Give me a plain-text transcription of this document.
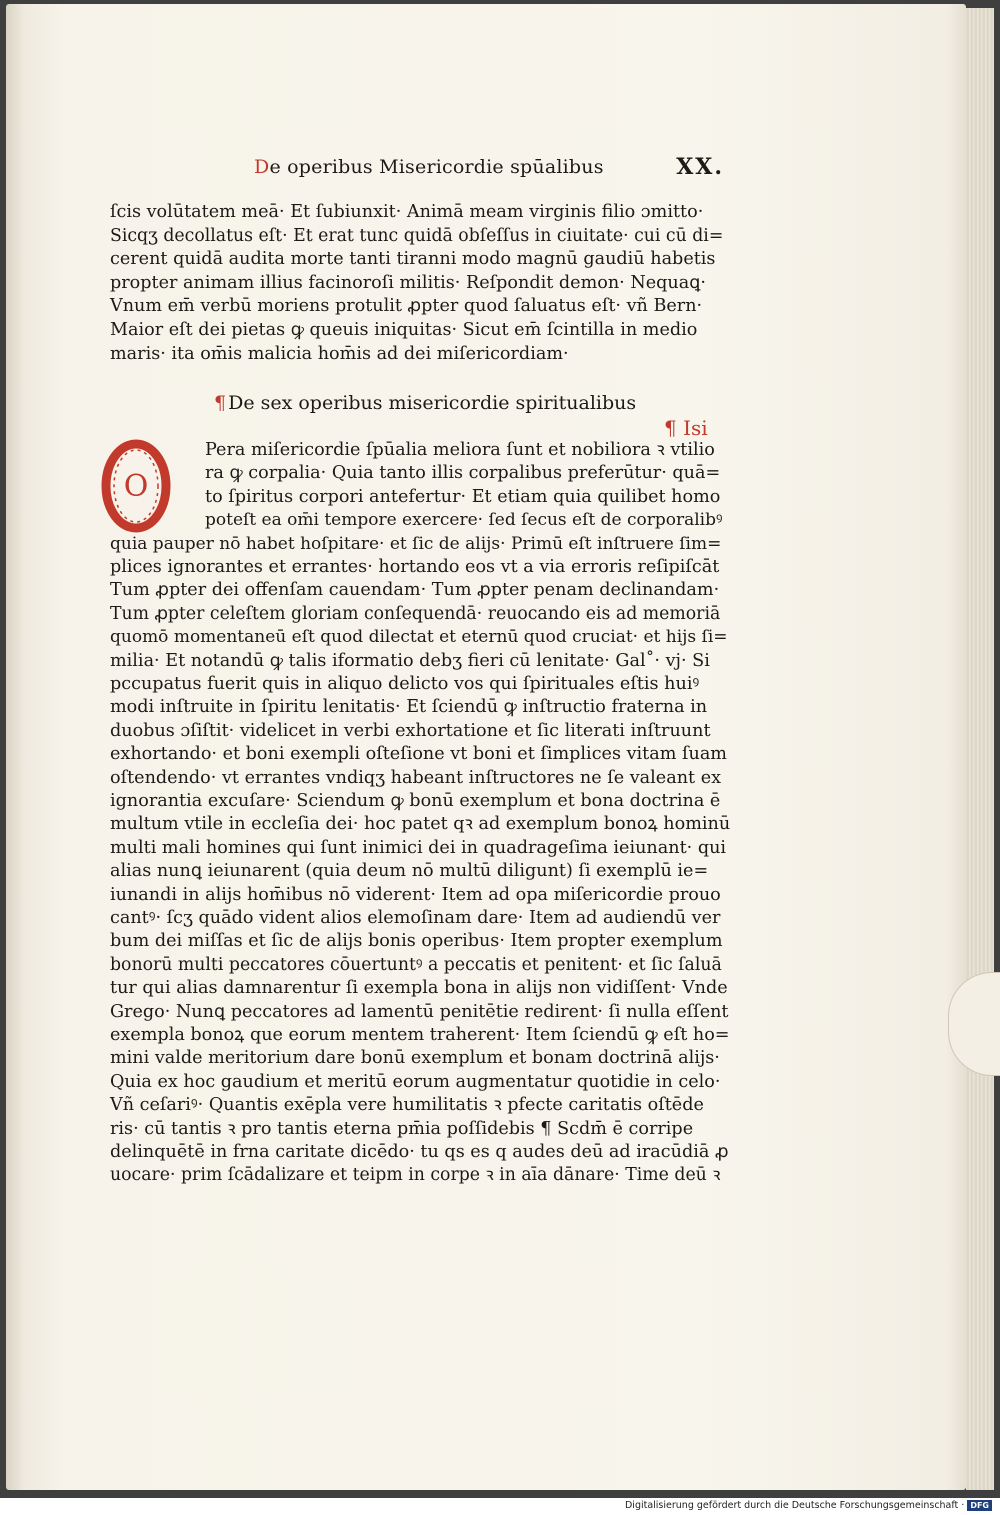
De operibus Misericordie spūalibus	XX.
ſcis volūtatem meā· Et ſubiunxit· Animā meam virginis filio ɔmitto·
Sicqʒ decollatus eſt· Et erat tunc quidā obſeſſus in ciuitate· cui cū di=
cerent quidā audita morte tanti tiranni modo magnū gaudiū habetis
propter animam illius facinoroſi militis· Reſpondit demon· Nequaꝗ·
Vnum em̄ verbū moriens protulit ꝓpter quod ſaluatus eſt· vñ Bern·
Maior eſt dei pietas ꝙ queuis iniquitas· Sicut em̄ ſcintilla in medio
maris· ita om̄is malicia hom̄is ad dei miſericordiam·
¶ De sex operibus misericordie spiritualibus
¶ Isi
O
Pera miſericordie ſpūalia meliora ſunt et nobiliora ꝛ vtilio
ra ꝙ corpalia· Quia tanto illis corpalibus preferūtur· quā=
to ſpiritus corpori antefertur· Et etiam quia quilibet homo
poteſt ea om̄i tempore exercere· ſed ſecus eſt de corporalibꝰ
quia pauper nō habet hoſpitare· et ſic de alijs· Primū eſt inſtruere ſim=
plices ignorantes et errantes· hortando eos vt a via erroris reſipiſcāt
Tum ꝓpter dei offenſam cauendam· Tum ꝓpter penam declinandam·
Tum ꝓpter celeſtem gloriam conſequendā· reuocando eis ad memoriā
quomō momentaneū eſt quod dilectat et eternū quod cruciat· et hijs ſi=
milia· Et notandū ꝙ talis iformatio debʒ fieri cū lenitate· Gal˚· vj· Si
pccupatus fuerit quis in aliquo delicto vos qui ſpirituales eſtis huiꝰ
modi inſtruite in ſpiritu lenitatis· Et ſciendū ꝙ inſtructio fraterna in
duobus ɔſiſtit· videlicet in verbi exhortatione et ſic literati inſtruunt
exhortando· et boni exempli oſteſione vt boni et ſimplices vitam ſuam
oſtendendo· vt errantes vndiqʒ habeant inſtructores ne ſe valeant ex
ignorantia excuſare· Sciendum ꝙ bonū exemplum et bona doctrina ē
multum vtile in eccleſia dei· hoc patet qꝛ ad exemplum bonoꝝ hominū
multi mali homines qui ſunt inimici dei in quadrageſima ieiunant· qui
alias nunꝗ ieiunarent (quia deum nō multū diligunt) ſi exemplū ie=
iunandi in alijs hom̄ibus nō viderent· Item ad opa miſericordie prouo
cantꝰ· ſcʒ quādo vident alios elemoſinam dare· Item ad audiendū ver
bum dei miſſas et ſic de alijs bonis operibus· Item propter exemplum
bonorū multi peccatores cōuertuntꝰ a peccatis et penitent· et ſic ſaluā
tur qui alias damnarentur ſi exempla bona in alijs non vidiſſent· Vnde
Grego· Nunꝗ peccatores ad lamentū penitētie redirent· ſi nulla eſſent
exempla bonoꝝ que eorum mentem traherent· Item ſciendū ꝙ eſt ho=
mini valde meritorium dare bonū exemplum et bonam doctrinā alijs·
Quia ex hoc gaudium et meritū eorum augmentatur quotidie in celo·
Vñ ceſariꝰ· Quantis exēpla vere humilitatis ꝛ pfecte caritatis oſtēde
ris· cū tantis ꝛ pro tantis eterna pm̄ia poſſidebis ¶ Scdm̄ ē corripe
delinquētē in frna caritate dicēdo· tu qs es q audes deū ad iracūdiā ꝓ
uocare· prim ſcādalizare et teipm in corpe ꝛ in aīa dānare· Time deū ꝛ
Digitalisierung gefördert durch die Deutsche Forschungsgemeinschaft · DFG
